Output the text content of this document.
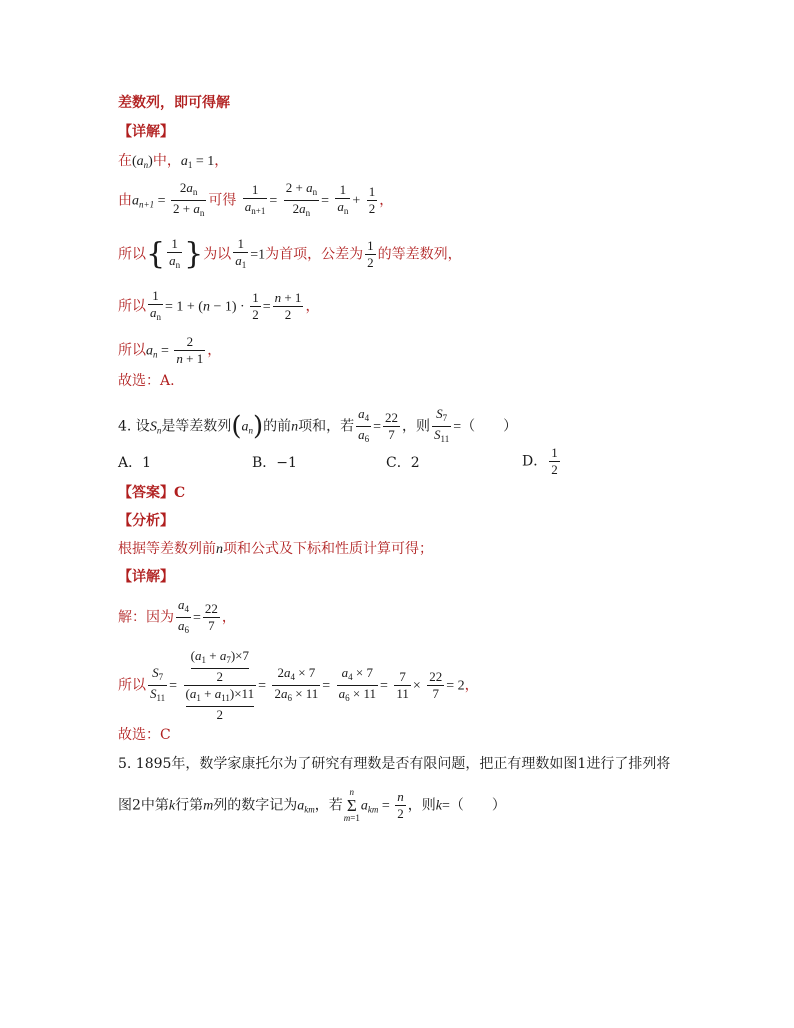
差数列，即可得解
【详解】
在$(a_n)$中，$a_1 = 1$，
由$a_{n+1} = \frac{2a_n}{2 + a_n}$ 可得 $\frac{1}{a_{n+1}} = \frac{2 + a_n}{2a_n} = \frac{1}{a_n} + \frac{1}{2}$ ，
所以{ $\frac{1}{a_n}$ }为以 $\frac{1}{a_1} =1$为首项，公差为 $\frac{1}{2}$ 的等差数列，
所以 $\frac{1}{a_n} = 1 + (n - 1) \cdot \frac{1}{2} = \frac{n + 1}{2}$ ，
所以$a_n = \frac{2}{n + 1}$ ，
故选：A.
4. 设$S_n$是等差数列$(a_n)$的前n项和，若 $\frac{a_4}{a_6} = \frac{22}{7}$ ，则 $\frac{S_7}{S_{11}}$ =（　　）
A．1	B．−1	C．2	D． $\frac{1}{2}$
【答案】C
【分析】
根据等差数列前n项和公式及下标和性质计算可得；
【详解】
解：因为 $\frac{a_4}{a_6} = \frac{22}{7}$ ，
所以 $\frac{S_7}{S_{11}} = \frac{\frac{(a_1 + a_7)\times 7}{2}}{\frac{(a_1 + a_{11})\times 11}{2}} = \frac{2a_4 \times 7}{2a_6 \times 11} = \frac{a_4 \times 7}{a_6 \times 11} = \frac{7}{11} \times \frac{22}{7} = 2$，
故选：C
5. 1895年，数学家康托尔为了研究有理数是否有限问题，把正有理数如图1进行了排列将
图2中第k行第m列的数字记为$a_{km}$，若
n
Σ
m=1
$a_{km} = \frac{n}{2}$ ，则k=（　　）
